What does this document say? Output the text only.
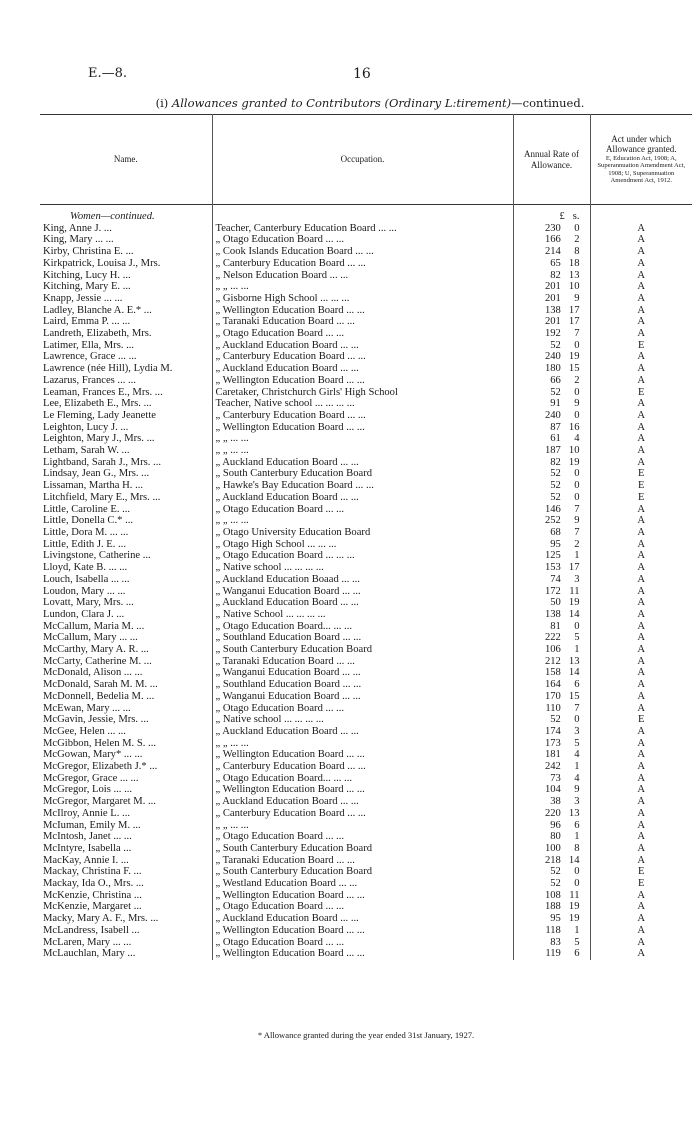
E.—8.	16
(i) Allowances granted to Contributors (Ordinary L:tirement)—continued.
Name.	Occupation.	Annual Rate of Allowance.	Act under which Allowance granted.
E, Education Act, 1908; A, Superannuation Amendment Act, 1908; U, Superannuation Amendment Act, 1912.

Women—continued.		£ s.	
King, Anne J. ...	Teacher, Canterbury Education Board ... ...	230 0	A
King, Mary ... ...	„ Otago Education Board ... ...	166 2	A
Kirby, Christina E. ...	„ Cook Islands Education Board ... ...	214 8	A
Kirkpatrick, Louisa J., Mrs.	„ Canterbury Education Board ... ...	65 18	A
Kitching, Lucy H. ...	„ Nelson Education Board ... ...	82 13	A
Kitching, Mary E. ...	„ „ ... ...	201 10	A
Knapp, Jessie ... ...	„ Gisborne High School ... ... ...	201 9	A
Ladley, Blanche A. E.* ...	„ Wellington Education Board ... ...	138 17	A
Laird, Emma P. ... ...	„ Taranaki Education Board ... ...	201 17	A
Landreth, Elizabeth, Mrs.	„ Otago Education Board ... ...	192 7	A
Latimer, Ella, Mrs. ...	„ Auckland Education Board ... ...	52 0	E
Lawrence, Grace ... ...	„ Canterbury Education Board ... ...	240 19	A
Lawrence (née Hill), Lydia M.	„ Auckland Education Board ... ...	180 15	A
Lazarus, Frances ... ...	„ Wellington Education Board ... ...	66 2	A
Leaman, Frances E., Mrs. ...	Caretaker, Christchurch Girls' High School	52 0	E
Lee, Elizabeth E., Mrs. ...	Teacher, Native school ... ... ... ...	91 9	A
Le Fleming, Lady Jeanette	„ Canterbury Education Board ... ...	240 0	A
Leighton, Lucy J. ...	„ Wellington Education Board ... ...	87 16	A
Leighton, Mary J., Mrs. ...	„ „ ... ...	61 4	A
Letham, Sarah W. ...	„ „ ... ...	187 10	A
Lightband, Sarah J., Mrs. ...	„ Auckland Education Board ... ...	82 19	A
Lindsay, Jean G., Mrs. ...	„ South Canterbury Education Board	52 0	E
Lissaman, Martha H. ...	„ Hawke's Bay Education Board ... ...	52 0	E
Litchfield, Mary E., Mrs. ...	„ Auckland Education Board ... ...	52 0	E
Little, Caroline E. ...	„ Otago Education Board ... ...	146 7	A
Little, Donella C.* ...	„ „ ... ...	252 9	A
Little, Dora M. ... ...	„ Otago University Education Board	68 7	A
Little, Edith J. E. ...	„ Otago High School ... ... ...	95 2	A
Livingstone, Catherine ...	„ Otago Education Board ... ... ...	125 1	A
Lloyd, Kate B. ... ...	„ Native school ... ... ... ...	153 17	A
Louch, Isabella ... ...	„ Auckland Education Boaad ... ...	74 3	A
Loudon, Mary ... ...	„ Wanganui Education Board ... ...	172 11	A
Lovatt, Mary, Mrs. ...	„ Auckland Education Board ... ...	50 19	A
Lundon, Clara J. ...	„ Native School ... ... ... ...	138 14	A
McCallum, Maria M. ...	„ Otago Education Board... ... ...	81 0	A
McCallum, Mary ... ...	„ Southland Education Board ... ...	222 5	A
McCarthy, Mary A. R. ...	„ South Canterbury Education Board	106 1	A
McCarty, Catherine M. ...	„ Taranaki Education Board ... ...	212 13	A
McDonald, Alison ... ...	„ Wanganui Education Board ... ...	158 14	A
McDonald, Sarah M. M. ...	„ Southland Education Board ... ...	164 6	A
McDonnell, Bedelia M. ...	„ Wanganui Education Board ... ...	170 15	A
McEwan, Mary ... ...	„ Otago Education Board ... ...	110 7	A
McGavin, Jessie, Mrs. ...	„ Native school ... ... ... ...	52 0	E
McGee, Helen ... ...	„ Auckland Education Board ... ...	174 3	A
McGibbon, Helen M. S. ...	„ „ ... ...	173 5	A
McGowan, Mary* ... ...	„ Wellington Education Board ... ...	181 4	A
McGregor, Elizabeth J.* ...	„ Canterbury Education Board ... ...	242 1	A
McGregor, Grace ... ...	„ Otago Education Board... ... ...	73 4	A
McGregor, Lois ... ...	„ Wellington Education Board ... ...	104 9	A
McGregor, Margaret M. ...	„ Auckland Education Board ... ...	38 3	A
McIlroy, Annie L. ...	„ Canterbury Education Board ... ...	220 13	A
McIuman, Emily M. ...	„ „ ... ...	96 6	A
McIntosh, Janet ... ...	„ Otago Education Board ... ...	80 1	A
McIntyre, Isabella ...	„ South Canterbury Education Board	100 8	A
MacKay, Annie I. ...	„ Taranaki Education Board ... ...	218 14	A
Mackay, Christina F. ...	„ South Canterbury Education Board	52 0	E
Mackay, Ida O., Mrs. ...	„ Westland Education Board ... ...	52 0	E
McKenzie, Christina ...	„ Wellington Education Board ... ...	108 11	A
McKenzie, Margaret ...	„ Otago Education Board ... ...	188 19	A
Macky, Mary A. F., Mrs. ...	„ Auckland Education Board ... ...	95 19	A
McLandress, Isabell ...	„ Wellington Education Board ... ...	118 1	A
McLaren, Mary ... ...	„ Otago Education Board ... ...	83 5	A
McLauchlan, Mary ...	„ Wellington Education Board ... ...	119 6	A
* Allowance granted during the year ended 31st January, 1927.
